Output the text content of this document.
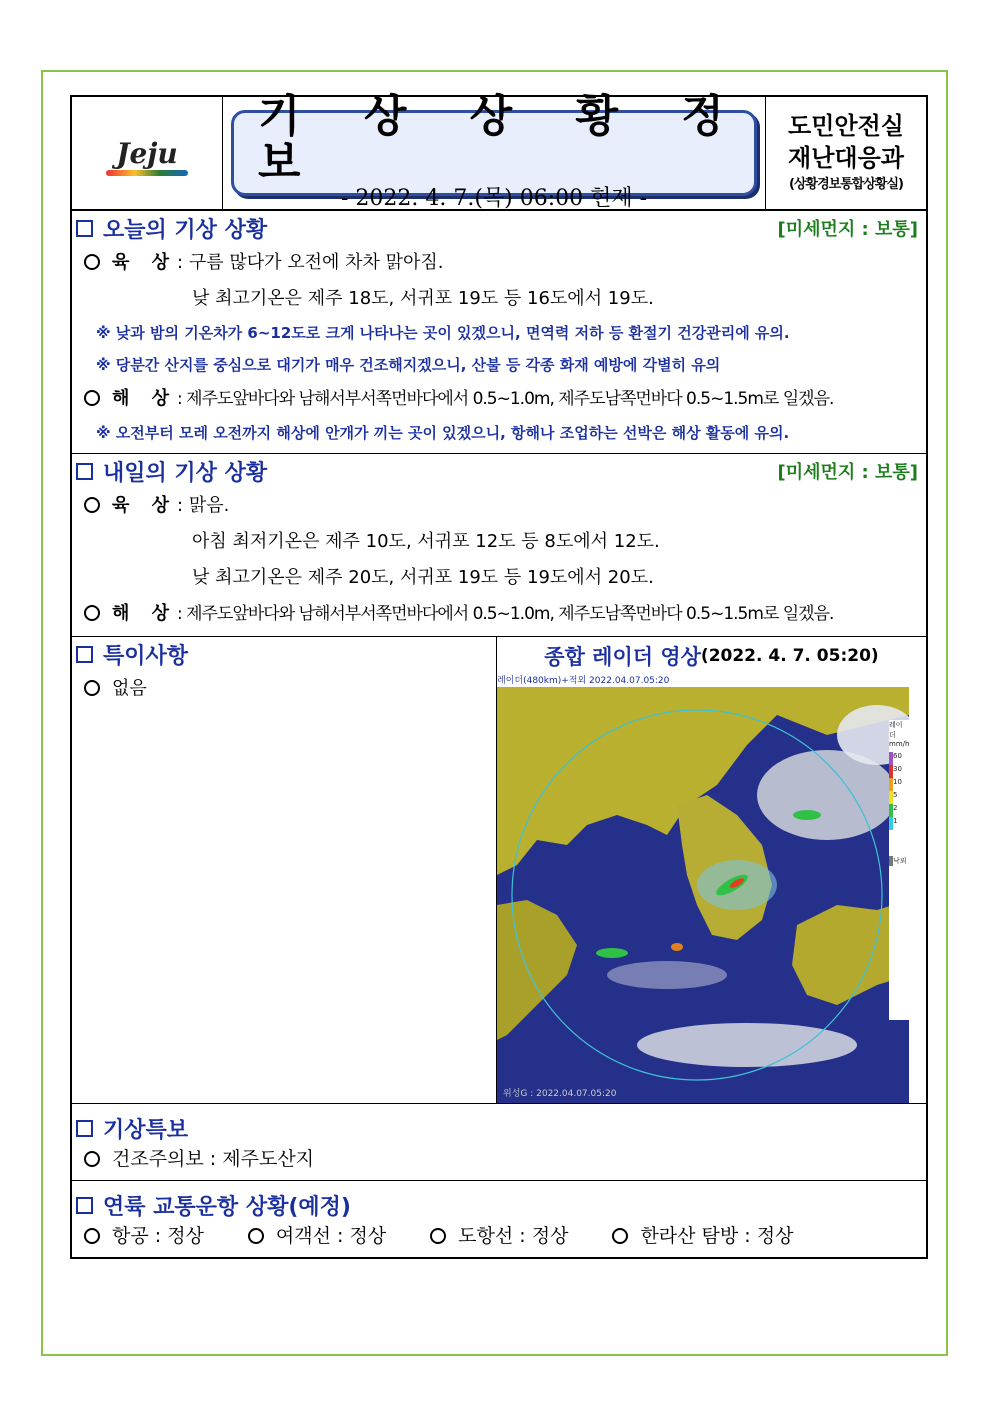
Jeju
기 상 상 황 정 보
- 2022. 4. 7.(목) 06:00 현제 -
도민안전실
재난대응과
(상황경보통합상황실)
오늘의 기상 상황	[미세먼지 : 보통]
육 상: 구름 많다가 오전에 차차 맑아짐.
낮 최고기온은 제주 18도, 서귀포 19도 등 16도에서 19도.
※ 낮과 밤의 기온차가 6~12도로 크게 나타나는 곳이 있겠으니, 면역력 저하 등 환절기 건강관리에 유의.
※ 당분간 산지를 중심으로 대기가 매우 건조해지겠으니, 산불 등 각종 화재 예방에 각별히 유의
해 상: 제주도앞바다와 남해서부서쪽먼바다에서 0.5~1.0m, 제주도남쪽먼바다 0.5~1.5m로 일겠음.
※ 오전부터 모레 오전까지 해상에 안개가 끼는 곳이 있겠으니, 항해나 조업하는 선박은 해상 활동에 유의.
내일의 기상 상황	[미세먼지 : 보통]
육 상: 맑음.
아침 최저기온은 제주 10도, 서귀포 12도 등 8도에서 12도.
낮 최고기온은 제주 20도, 서귀포 19도 등 19도에서 20도.
해 상: 제주도앞바다와 남해서부서쪽먼바다에서 0.5~1.0m, 제주도남쪽먼바다 0.5~1.5m로 일겠음.
특이사항
없음
종합 레이더 영상 (2022. 4. 7. 05:20)
레이더(480km)+적외 2022.04.07.05:20
레이더
mm/h
60
30
10
5
2
1
낙뢰
위성G : 2022.04.07.05:20
기상특보
건조주의보 : 제주도산지
연륙 교통운항 상황(예정)
항공 : 정상	여객선 : 정상	도항선 : 정상	한라산 탐방 : 정상
